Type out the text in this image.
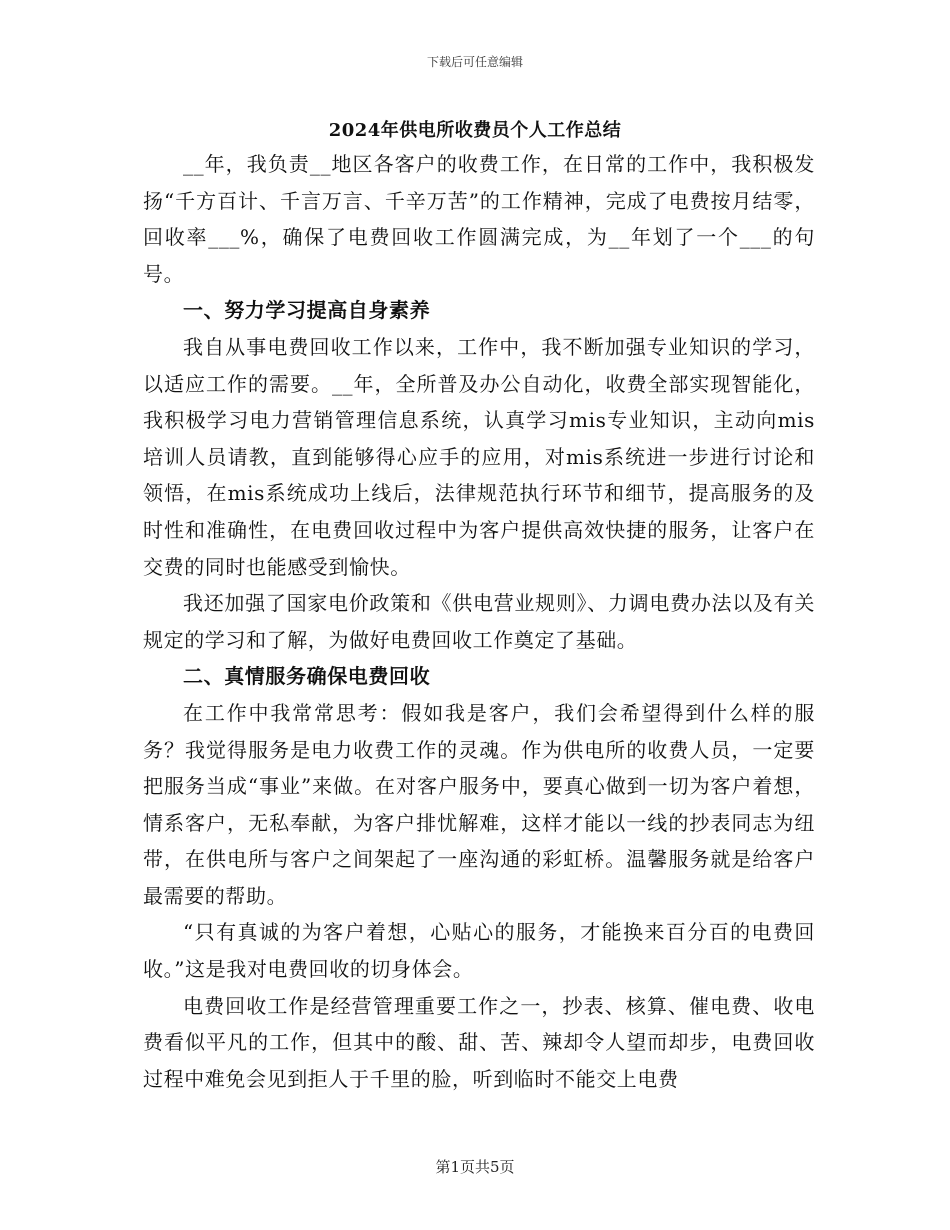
下载后可任意编辑
2024年供电所收费员个人工作总结

__年，我负责__地区各客户的收费工作，在日常的工作中，我积极发扬“千方百计、千言万言、千辛万苦”的工作精神，完成了电费按月结零，回收率___%，确保了电费回收工作圆满完成，为__年划了一个___的句号。

一、努力学习提高自身素养

我自从事电费回收工作以来，工作中，我不断加强专业知识的学习，以适应工作的需要。__年，全所普及办公自动化，收费全部实现智能化，我积极学习电力营销管理信息系统，认真学习mis专业知识，主动向mis培训人员请教，直到能够得心应手的应用，对mis系统进一步进行讨论和领悟，在mis系统成功上线后，法律规范执行环节和细节，提高服务的及时性和准确性，在电费回收过程中为客户提供高效快捷的服务，让客户在交费的同时也能感受到愉快。

我还加强了国家电价政策和《供电营业规则》、力调电费办法以及有关规定的学习和了解，为做好电费回收工作奠定了基础。

二、真情服务确保电费回收

在工作中我常常思考：假如我是客户，我们会希望得到什么样的服务？我觉得服务是电力收费工作的灵魂。作为供电所的收费人员，一定要把服务当成“事业”来做。在对客户服务中，要真心做到一切为客户着想，情系客户，无私奉献，为客户排忧解难，这样才能以一线的抄表同志为纽带，在供电所与客户之间架起了一座沟通的彩虹桥。温馨服务就是给客户最需要的帮助。

“只有真诚的为客户着想，心贴心的服务，才能换来百分百的电费回收。”这是我对电费回收的切身体会。

电费回收工作是经营管理重要工作之一，抄表、核算、催电费、收电费看似平凡的工作，但其中的酸、甜、苦、辣却令人望而却步，电费回收过程中难免会见到拒人于千里的脸，听到临时不能交上电费

第1页共5页
